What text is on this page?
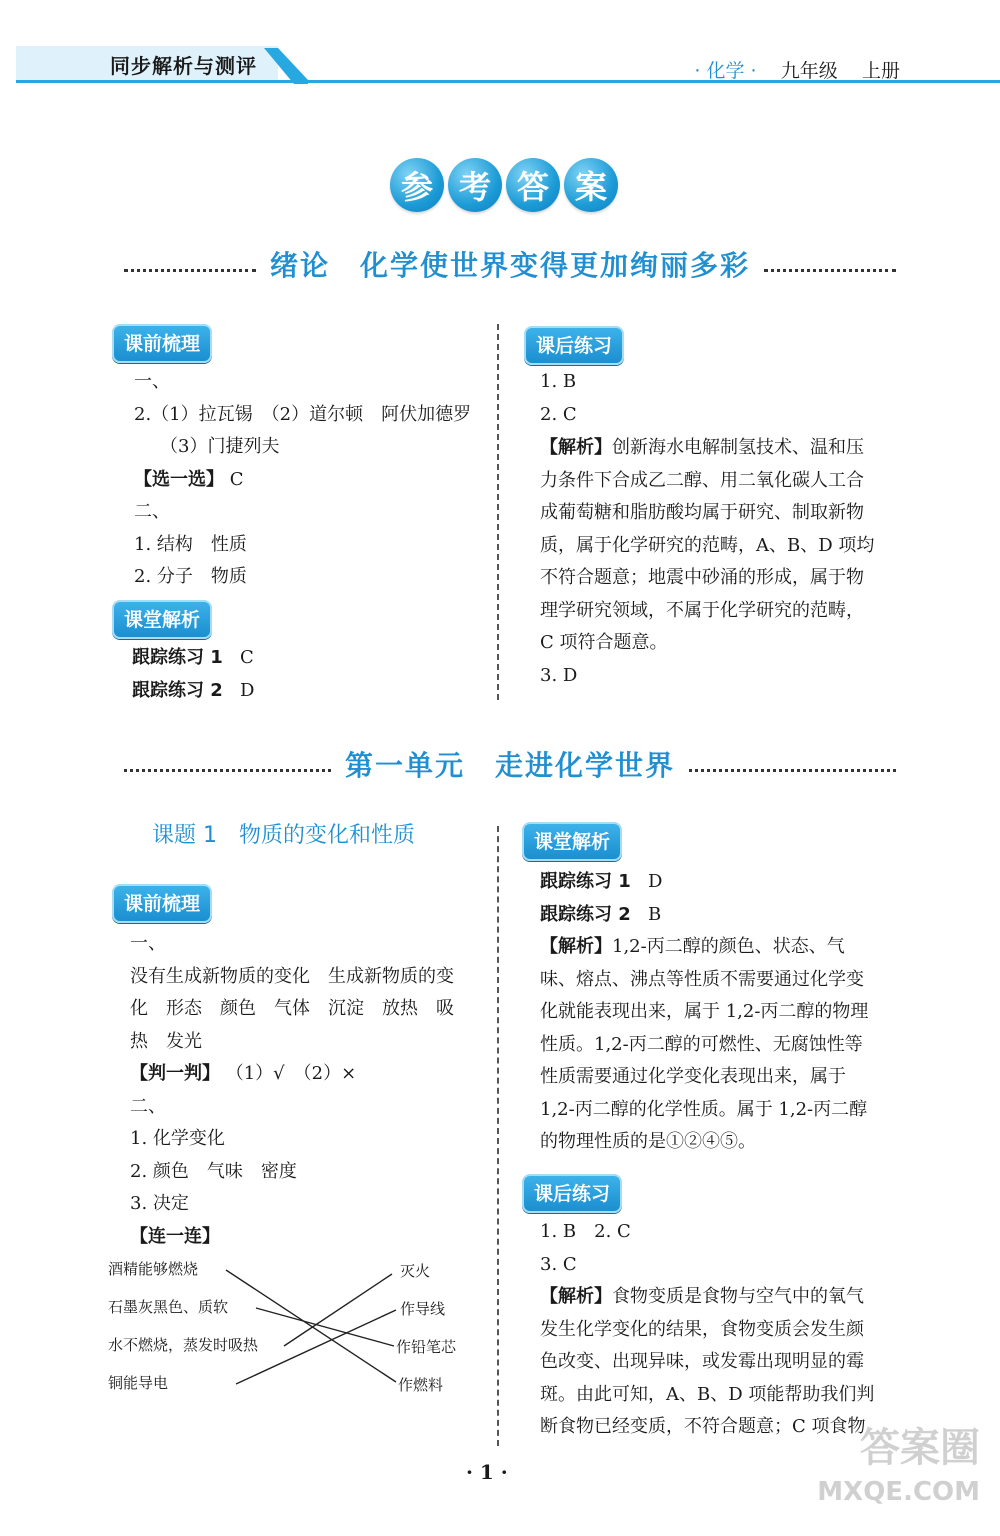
同步解析与测评	· 化学 · 九年级 上册
参 考 答 案
绪论　化学使世界变得更加绚丽多彩
课前梳理
一、
2.（1）拉瓦锡　（2）道尔顿　阿伏加德罗
（3）门捷列夫
【选一选】 C
二、
1. 结构　性质
2. 分子　物质
课堂解析
跟踪练习 1 C
跟踪练习 2 D
课后练习
1. B
2. C
【解析】创新海水电解制氢技术、温和压
力条件下合成乙二醇、用二氧化碳人工合
成葡萄糖和脂肪酸均属于研究、制取新物
质，属于化学研究的范畴，A、B、D 项均
不符合题意；地震中砂涌的形成，属于物
理学研究领域，不属于化学研究的范畴，
C 项符合题意。
3. D
第一单元　走进化学世界
课题 1　物质的变化和性质
课前梳理
一、
没有生成新物质的变化　生成新物质的变
化　形态　颜色　气体　沉淀　放热　吸
热　发光
【判一判】 （1）√　（2）×
二、
1. 化学变化
2. 颜色　气味　密度
3. 决定
【连一连】
酒精能够燃烧
石墨灰黑色、质软
水不燃烧，蒸发时吸热
铜能导电
灭火
作导线
作铅笔芯
作燃料
课堂解析
跟踪练习 1 D
跟踪练习 2 B
【解析】1,2-丙二醇的颜色、状态、气
味、熔点、沸点等性质不需要通过化学变
化就能表现出来，属于 1,2-丙二醇的物理
性质。1,2-丙二醇的可燃性、无腐蚀性等
性质需要通过化学变化表现出来，属于
1,2-丙二醇的化学性质。属于 1,2-丙二醇
的物理性质的是①②④⑤。
课后练习
1. B　2. C
3. C
【解析】食物变质是食物与空气中的氧气
发生化学变化的结果，食物变质会发生颜
色改变、出现异味，或发霉出现明显的霉
斑。由此可知，A、B、D 项能帮助我们判
断食物已经变质，不符合题意；C 项食物
· 1 ·
答案圈
MXQE.COM
